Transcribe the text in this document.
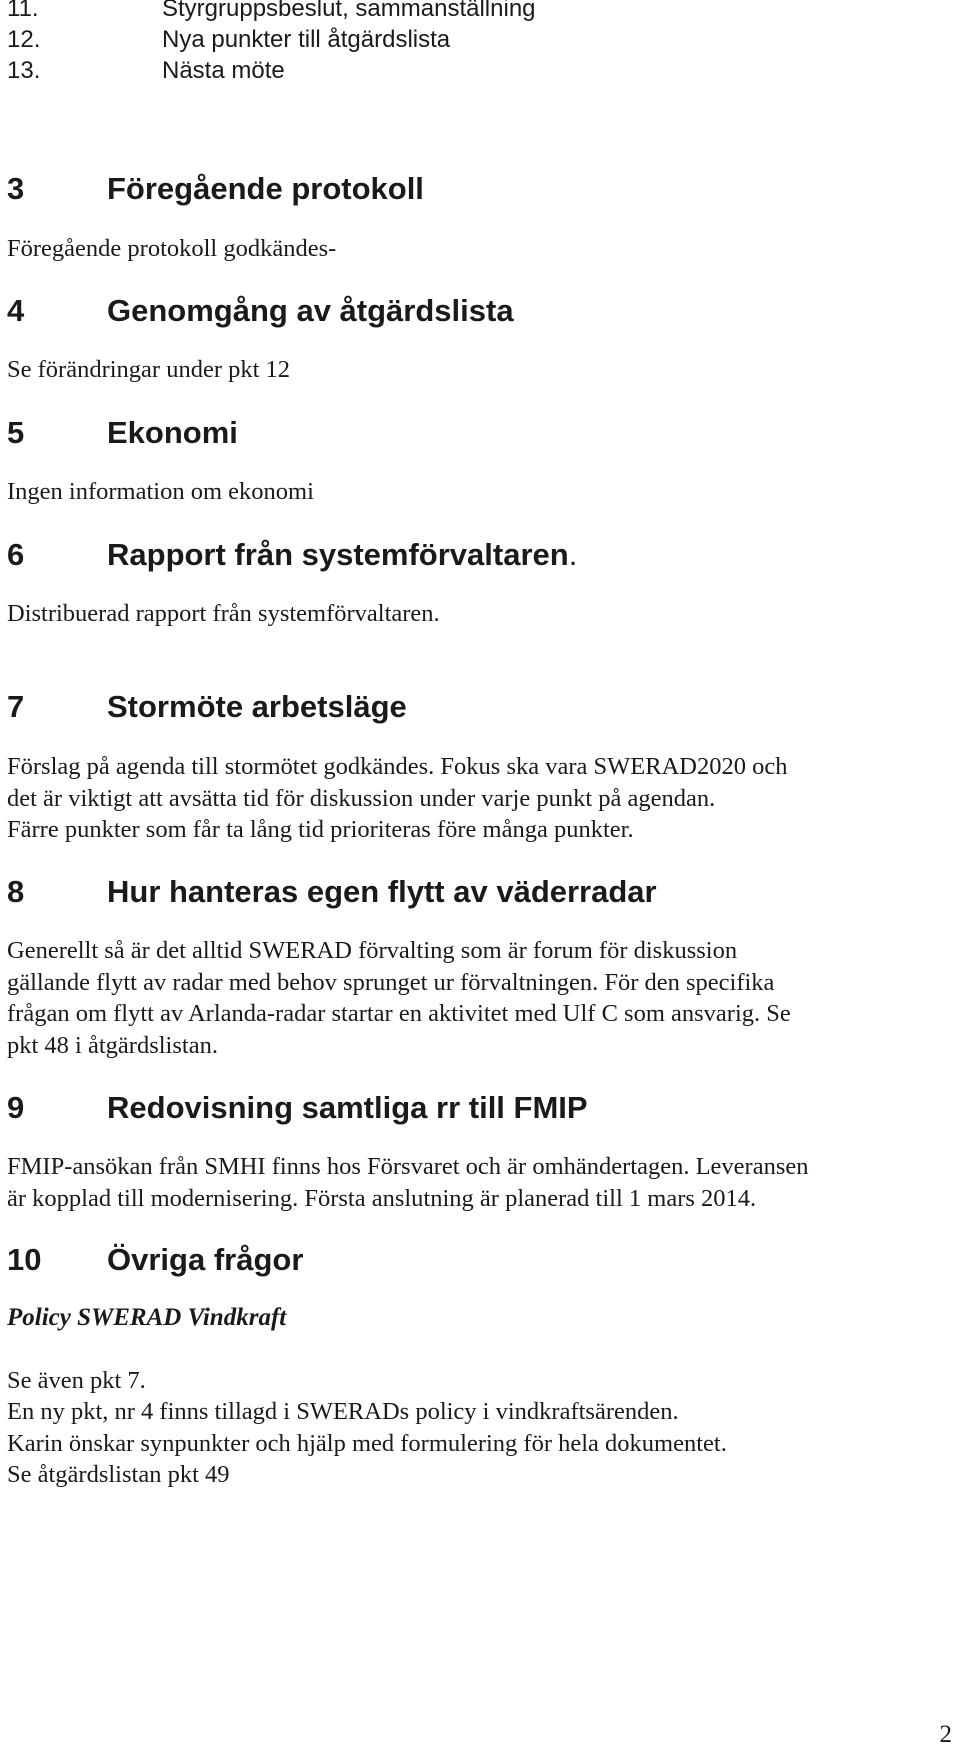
11.	Styrgruppsbeslut, sammanställning
12.	Nya punkter till åtgärdslista
13.	Nästa möte
3	Föregående protokoll
Föregående protokoll godkändes-
4	Genomgång av åtgärdslista
Se förändringar under pkt 12
5	Ekonomi
Ingen information om ekonomi
6	Rapport från systemförvaltaren.
Distribuerad rapport från systemförvaltaren.
7	Stormöte arbetsläge
Förslag på agenda till stormötet godkändes. Fokus ska vara SWERAD2020 och
det är viktigt att avsätta tid för diskussion under varje punkt på agendan.
Färre punkter som får ta lång tid prioriteras före många punkter.
8	Hur hanteras egen flytt av väderradar
Generellt så är det alltid SWERAD förvalting som är forum för diskussion
gällande flytt av radar med behov sprunget ur förvaltningen. För den specifika
frågan om flytt av Arlanda-radar startar en aktivitet med Ulf C som ansvarig. Se
pkt 48 i åtgärdslistan.
9	Redovisning samtliga rr till FMIP
FMIP-ansökan från SMHI finns hos Försvaret och är omhändertagen. Leveransen
är kopplad till modernisering. Första anslutning är planerad till 1 mars 2014.
10 Övriga frågor
Policy SWERAD Vindkraft
Se även pkt 7.
En ny pkt, nr 4 finns tillagd i SWERADs policy i vindkraftsärenden.
Karin önskar synpunkter och hjälp med formulering för hela dokumentet.
Se åtgärdslistan pkt 49
2
